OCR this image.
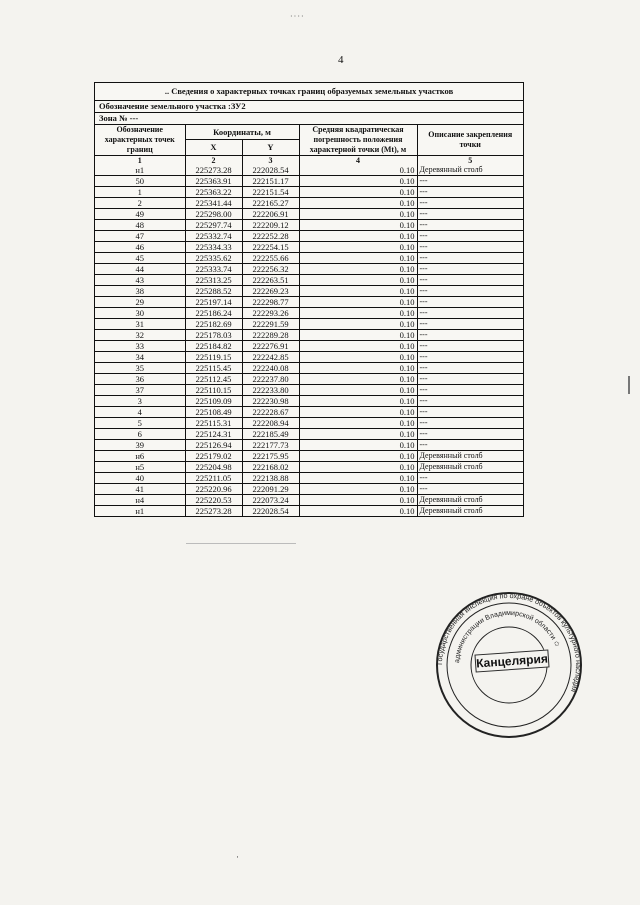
····
4
.. Сведения о характерных точках границ образуемых земельных участков
Обозначение земельного участка :ЗУ2
Зона № ---
Обозначение характерных точек границ	Координаты, м		Средняя квадратическая погрешность положения характерной точки (Mt), м	Описание закрепления точки
	X	Y		
1	2	3	4	5
н1	225273.28	222028.54	0.10	Деревянный столб
50	225363.91	222151.17	0.10	---
1	225363.22	222151.54	0.10	---
2	225341.44	222165.27	0.10	---
49	225298.00	222206.91	0.10	---
48	225297.74	222209.12	0.10	---
47	225332.74	222252.28	0.10	---
46	225334.33	222254.15	0.10	---
45	225335.62	222255.66	0.10	---
44	225333.74	222256.32	0.10	---
43	225313.25	222263.51	0.10	---
38	225288.52	222269.23	0.10	---
29	225197.14	222298.77	0.10	---
30	225186.24	222293.26	0.10	---
31	225182.69	222291.59	0.10	---
32	225178.03	222289.28	0.10	---
33	225184.82	222276.91	0.10	---
34	225119.15	222242.85	0.10	---
35	225115.45	222240.08	0.10	---
36	225112.45	222237.80	0.10	---
37	225110.15	222233.80	0.10	---
3	225109.09	222230.98	0.10	---
4	225108.49	222228.67	0.10	---
5	225115.31	222208.94	0.10	---
6	225124.31	222185.49	0.10	---
39	225126.94	222177.73	0.10	---
н6	225179.02	222175.95	0.10	Деревянный столб
н5	225204.98	222168.02	0.10	Деревянный столб
40	225211.05	222138.88	0.10	---
41	225220.96	222091.29	0.10	---
н4	225220.53	222073.24	0.10	Деревянный столб
н1	225273.28	222028.54	0.10	Деревянный столб
Государственная инспекция по охране объектов культурного наследия
администрации Владимирской области ✩
Канцелярия
·
